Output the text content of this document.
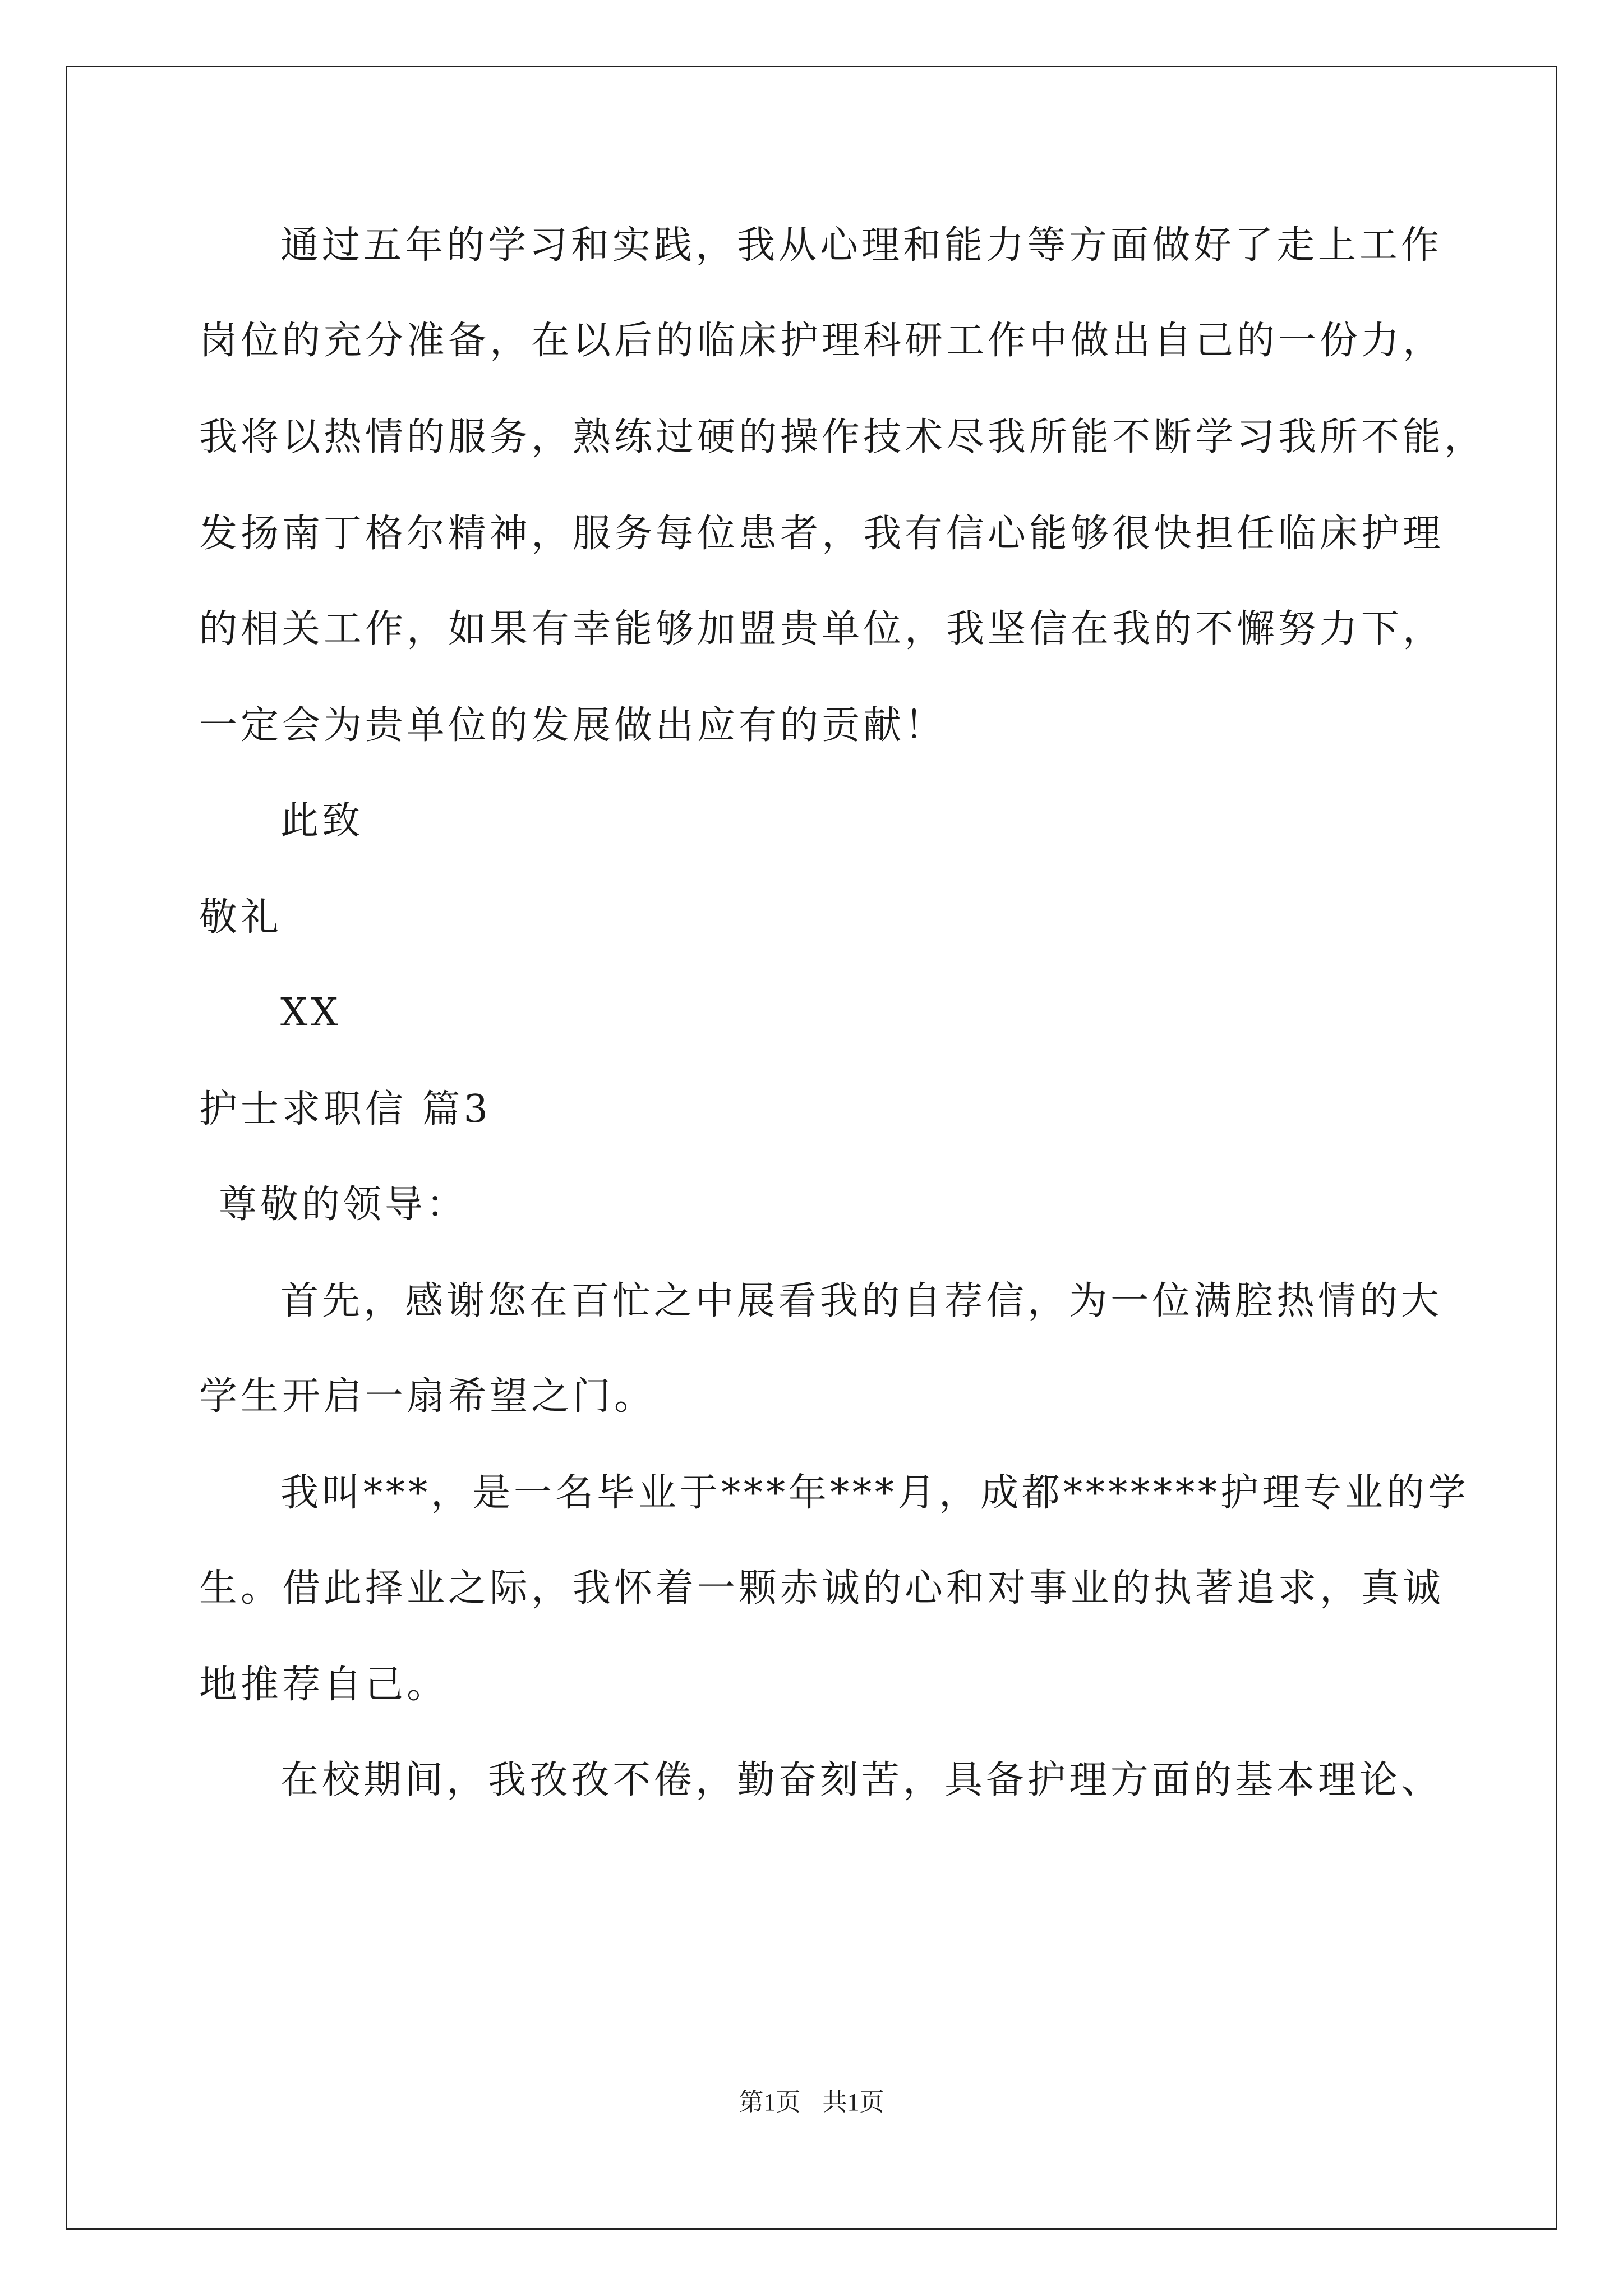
通过五年的学习和实践，我从心理和能力等方面做好了走上工作
岗位的充分准备，在以后的临床护理科研工作中做出自己的一份力，
我将以热情的服务，熟练过硬的操作技术尽我所能不断学习我所不能，
发扬南丁格尔精神，服务每位患者，我有信心能够很快担任临床护理
的相关工作，如果有幸能够加盟贵单位，我坚信在我的不懈努力下，
一定会为贵单位的发展做出应有的贡献！
此致
敬礼
XX
护士求职信 篇3
尊敬的领导：
首先，感谢您在百忙之中展看我的自荐信，为一位满腔热情的大
学生开启一扇希望之门。
我叫***，是一名毕业于***年***月，成都*******护理专业的学
生。借此择业之际，我怀着一颗赤诚的心和对事业的执著追求，真诚
地推荐自己。
在校期间，我孜孜不倦，勤奋刻苦，具备护理方面的基本理论、
第1页 共1页
